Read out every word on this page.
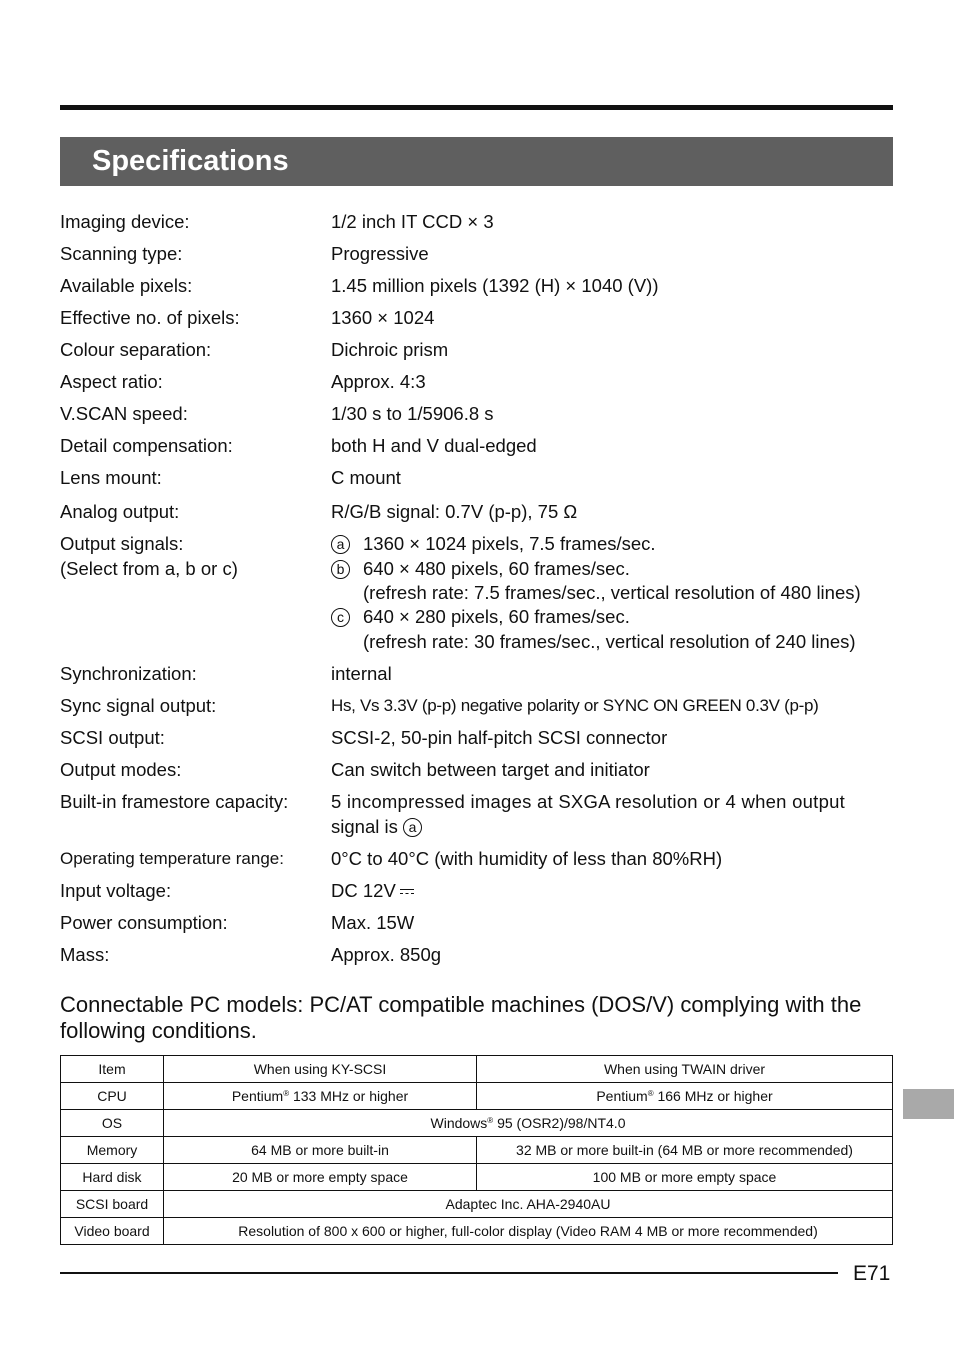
Specifications
Imaging device:	1/2 inch IT CCD × 3
Scanning type:	Progressive
Available pixels:	1.45 million pixels (1392 (H) × 1040 (V))
Effective no. of pixels:	1360 × 1024
Colour separation:	Dichroic prism
Aspect ratio:	Approx. 4:3
V.SCAN speed:	1/30 s to 1/5906.8 s
Detail compensation:	both H and V dual-edged
Lens mount:	C mount
Analog output:	R/G/B signal: 0.7V (p-p), 75 Ω
Output signals:
(Select from a, b or c)
a	1360 × 1024 pixels, 7.5 frames/sec.
b	640 × 480 pixels, 60 frames/sec.
(refresh rate: 7.5 frames/sec., vertical resolution of 480 lines)
c	640 × 280 pixels, 60 frames/sec.
(refresh rate: 30 frames/sec., vertical resolution of 240 lines)
Synchronization:	internal
Sync signal output:	Hs, Vs 3.3V (p-p) negative polarity or SYNC ON GREEN 0.3V (p-p)
SCSI output:	SCSI-2, 50-pin half-pitch SCSI connector
Output modes:	Can switch between target and initiator
Built-in framestore capacity: 5 incompressed images at SXGA resolution or 4 when output
signal is a
Operating temperature range:	0°C to 40°C (with humidity of less than 80%RH)
Input voltage:	DC 12V
Power consumption:	Max. 15W
Mass:	Approx. 850g
Connectable PC models: PC/AT compatible machines (DOS/V) complying with the following conditions.
Item	When using KY-SCSI	When using TWAIN driver
CPU	Pentium® 133 MHz or higher	Pentium® 166 MHz or higher
OS	Windows® 95 (OSR2)/98/NT4.0	
Memory	64 MB or more built-in	32 MB or more built-in (64 MB or more recommended)
Hard disk	20 MB or more empty space	100 MB or more empty space
SCSI board	Adaptec Inc. AHA-2940AU	
Video board	Resolution of 800 x 600 or higher, full-color display (Video RAM 4 MB or more recommended)	
E71
